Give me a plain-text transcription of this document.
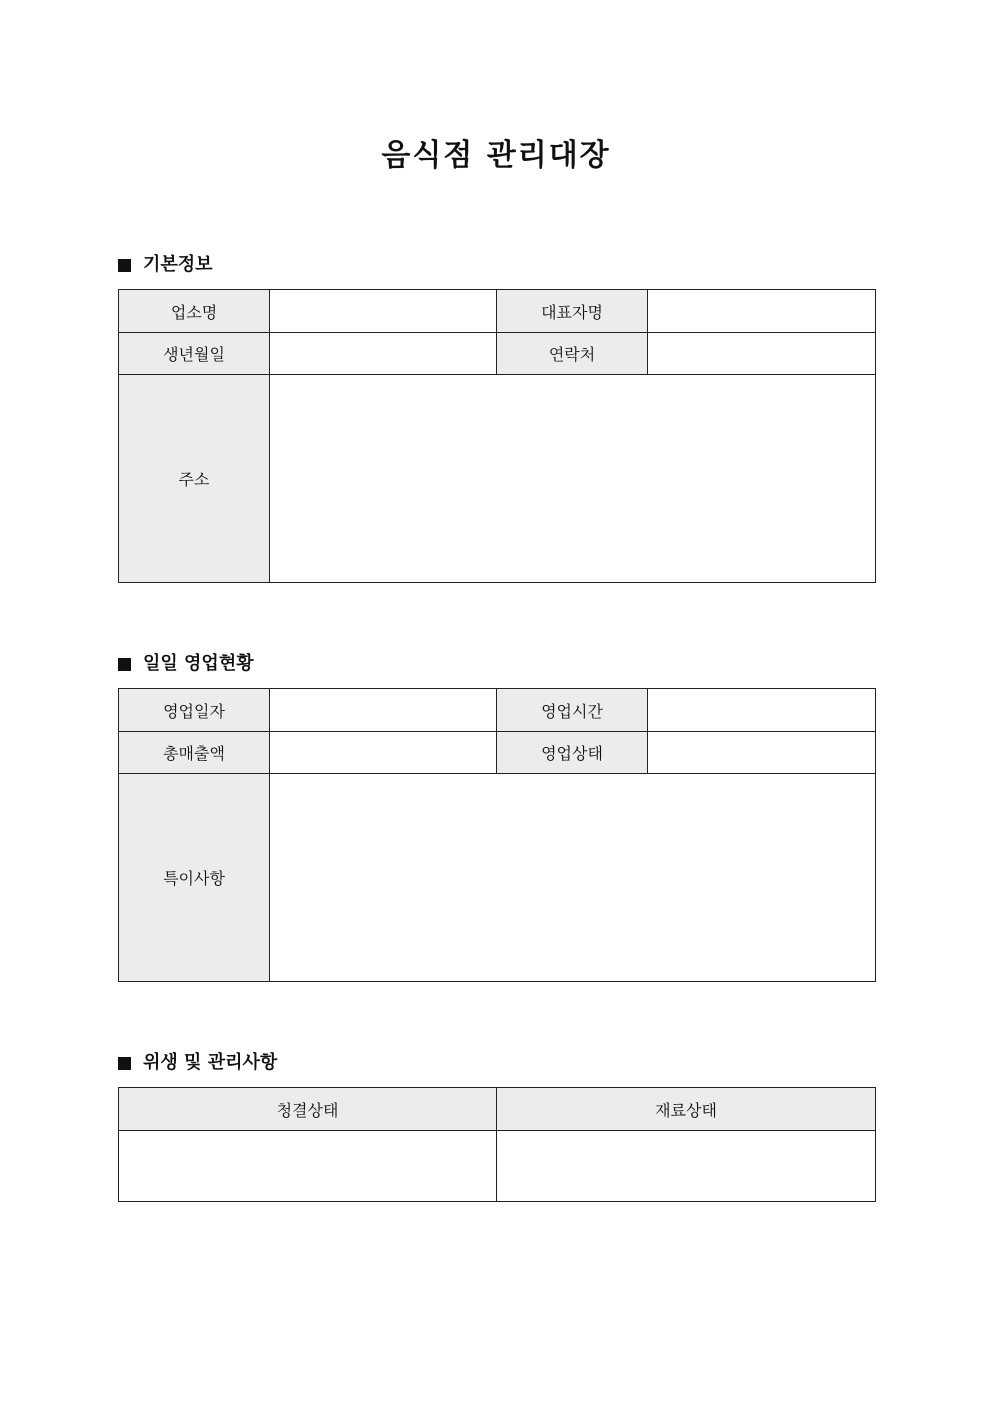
음식점 관리대장
기본정보
업소명		대표자명	
생년월일		연락처	
주소			
일일 영업현황
영업일자		영업시간	
총매출액		영업상태	
특이사항			
위생 및 관리사항
청결상태	재료상태
